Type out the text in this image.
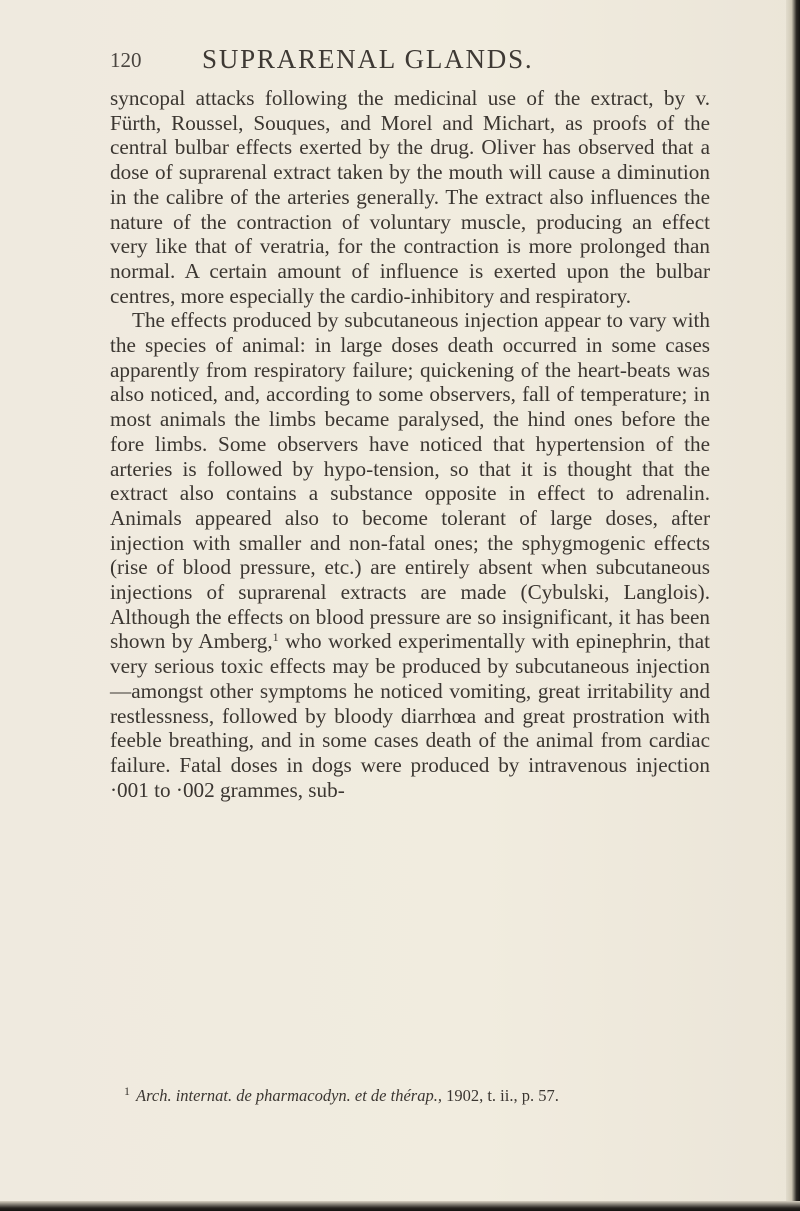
120 SUPRARENAL GLANDS.

syncopal attacks following the medicinal use of the extract, by v. Fürth, Roussel, Souques, and Morel and Michart, as proofs of the central bulbar effects exerted by the drug. Oliver has observed that a dose of suprarenal extract taken by the mouth will cause a diminution in the calibre of the arteries generally. The extract also influences the nature of the contraction of voluntary muscle, producing an effect very like that of veratria, for the contraction is more prolonged than normal. A certain amount of influence is exerted upon the bulbar centres, more especially the cardio-inhibitory and respiratory.

The effects produced by subcutaneous injection appear to vary with the species of animal: in large doses death occurred in some cases apparently from respiratory failure; quickening of the heart-beats was also noticed, and, according to some observers, fall of temperature; in most animals the limbs became paralysed, the hind ones before the fore limbs. Some observers have noticed that hypertension of the arteries is followed by hypo-tension, so that it is thought that the extract also contains a substance opposite in effect to adrenalin. Animals appeared also to become tolerant of large doses, after injection with smaller and non-fatal ones; the sphygmogenic effects (rise of blood pressure, etc.) are entirely absent when subcutaneous injections of suprarenal extracts are made (Cybulski, Langlois). Although the effects on blood pressure are so insignificant, it has been shown by Amberg,$^1$ who worked experimentally with epinephrin, that very serious toxic effects may be produced by subcutaneous injection—amongst other symptoms he noticed vomiting, great irritability and restlessness, followed by bloody diarrhœa and great prostration with feeble breathing, and in some cases death of the animal from cardiac failure. Fatal doses in dogs were produced by intravenous injection ·001 to ·002 grammes, sub-

$^1$ Arch. internat. de pharmacodyn. et de thérap., 1902, t. ii., p. 57.
